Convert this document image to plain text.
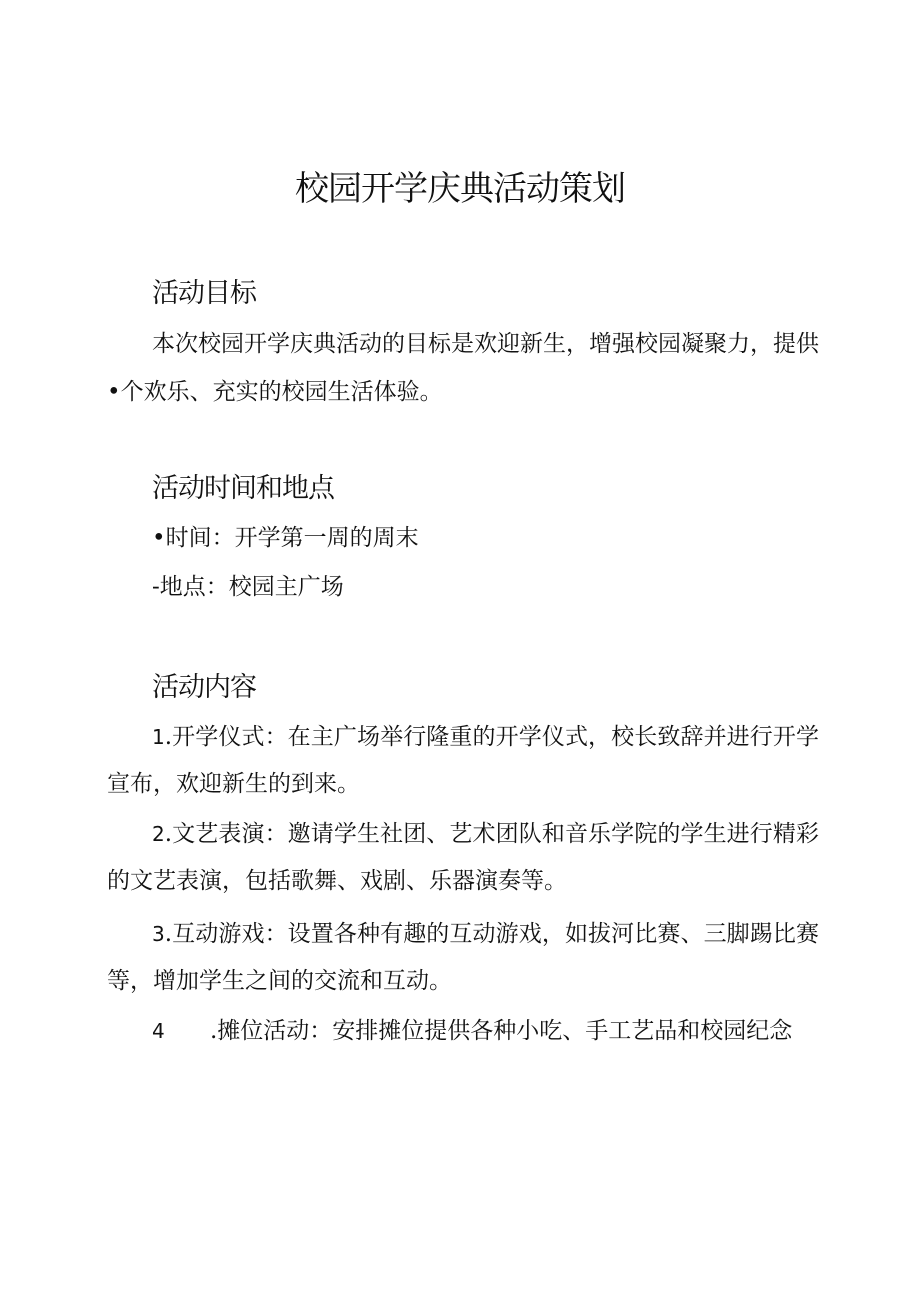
校园开学庆典活动策划
活动目标

本次校园开学庆典活动的目标是欢迎新生，增强校园凝聚力，提供•个欢乐、充实的校园生活体验。

活动时间和地点

•时间：开学第一周的周末

-地点：校园主广场

活动内容

1.开学仪式：在主广场举行隆重的开学仪式，校长致辞并进行开学宣布，欢迎新生的到来。

2.文艺表演：邀请学生社团、艺术团队和音乐学院的学生进行精彩的文艺表演，包括歌舞、戏剧、乐器演奏等。

3.互动游戏：设置各种有趣的互动游戏，如拔河比赛、三脚踢比赛等，增加学生之间的交流和互动。

4 .摊位活动：安排摊位提供各种小吃、手工艺品和校园纪念
